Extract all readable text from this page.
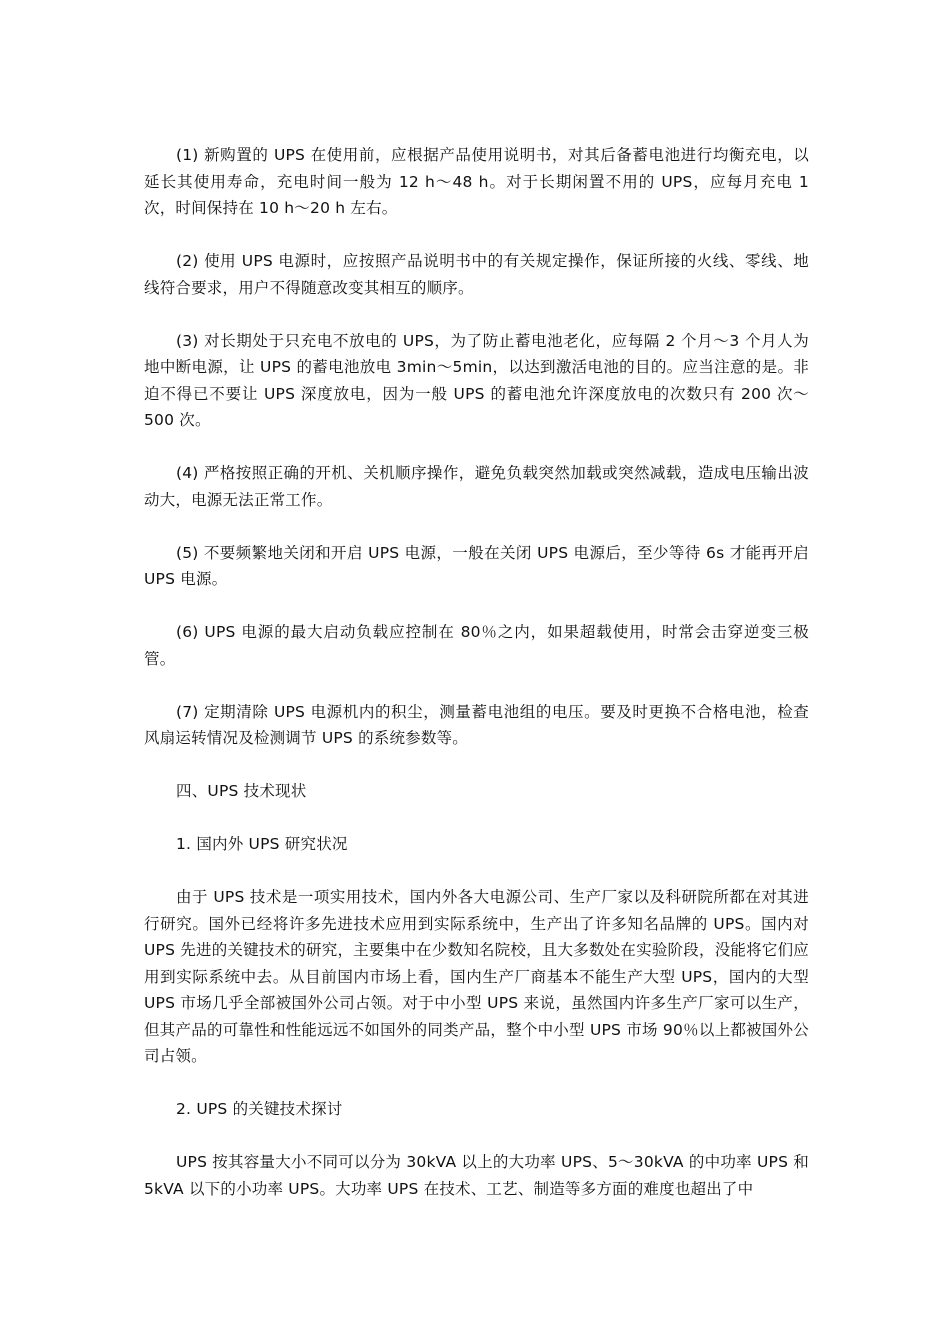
(1) 新购置的 UPS 在使用前，应根据产品使用说明书，对其后备蓄电池进行均衡充电，以延长其使用寿命，充电时间一般为 12 h～48 h。对于长期闲置不用的 UPS，应每月充电 1 次，时间保持在 10 h～20 h 左右。

(2) 使用 UPS 电源时，应按照产品说明书中的有关规定操作，保证所接的火线、零线、地线符合要求，用户不得随意改变其相互的顺序。

(3) 对长期处于只充电不放电的 UPS，为了防止蓄电池老化，应每隔 2 个月～3 个月人为地中断电源，让 UPS 的蓄电池放电 3min～5min，以达到激活电池的目的。应当注意的是。非迫不得已不要让 UPS 深度放电，因为一般 UPS 的蓄电池允许深度放电的次数只有 200 次～500 次。

(4) 严格按照正确的开机、关机顺序操作，避免负载突然加载或突然减载，造成电压输出波动大，电源无法正常工作。

(5) 不要频繁地关闭和开启 UPS 电源，一般在关闭 UPS 电源后，至少等待 6s 才能再开启 UPS 电源。

(6) UPS 电源的最大启动负载应控制在 80％之内，如果超载使用，时常会击穿逆变三极管。

(7) 定期清除 UPS 电源机内的积尘，测量蓄电池组的电压。要及时更换不合格电池，检查风扇运转情况及检测调节 UPS 的系统参数等。

四、UPS 技术现状

1. 国内外 UPS 研究状况

由于 UPS 技术是一项实用技术，国内外各大电源公司、生产厂家以及科研院所都在对其进行研究。国外已经将许多先进技术应用到实际系统中，生产出了许多知名品牌的 UPS。国内对 UPS 先进的关键技术的研究，主要集中在少数知名院校，且大多数处在实验阶段，没能将它们应用到实际系统中去。从目前国内市场上看，国内生产厂商基本不能生产大型 UPS，国内的大型 UPS 市场几乎全部被国外公司占领。对于中小型 UPS 来说，虽然国内许多生产厂家可以生产，但其产品的可靠性和性能远远不如国外的同类产品，整个中小型 UPS 市场 90％以上都被国外公司占领。

2. UPS 的关键技术探讨

UPS 按其容量大小不同可以分为 30kVA 以上的大功率 UPS、5～30kVA 的中功率 UPS 和 5kVA 以下的小功率 UPS。大功率 UPS 在技术、工艺、制造等多方面的难度也超出了中
